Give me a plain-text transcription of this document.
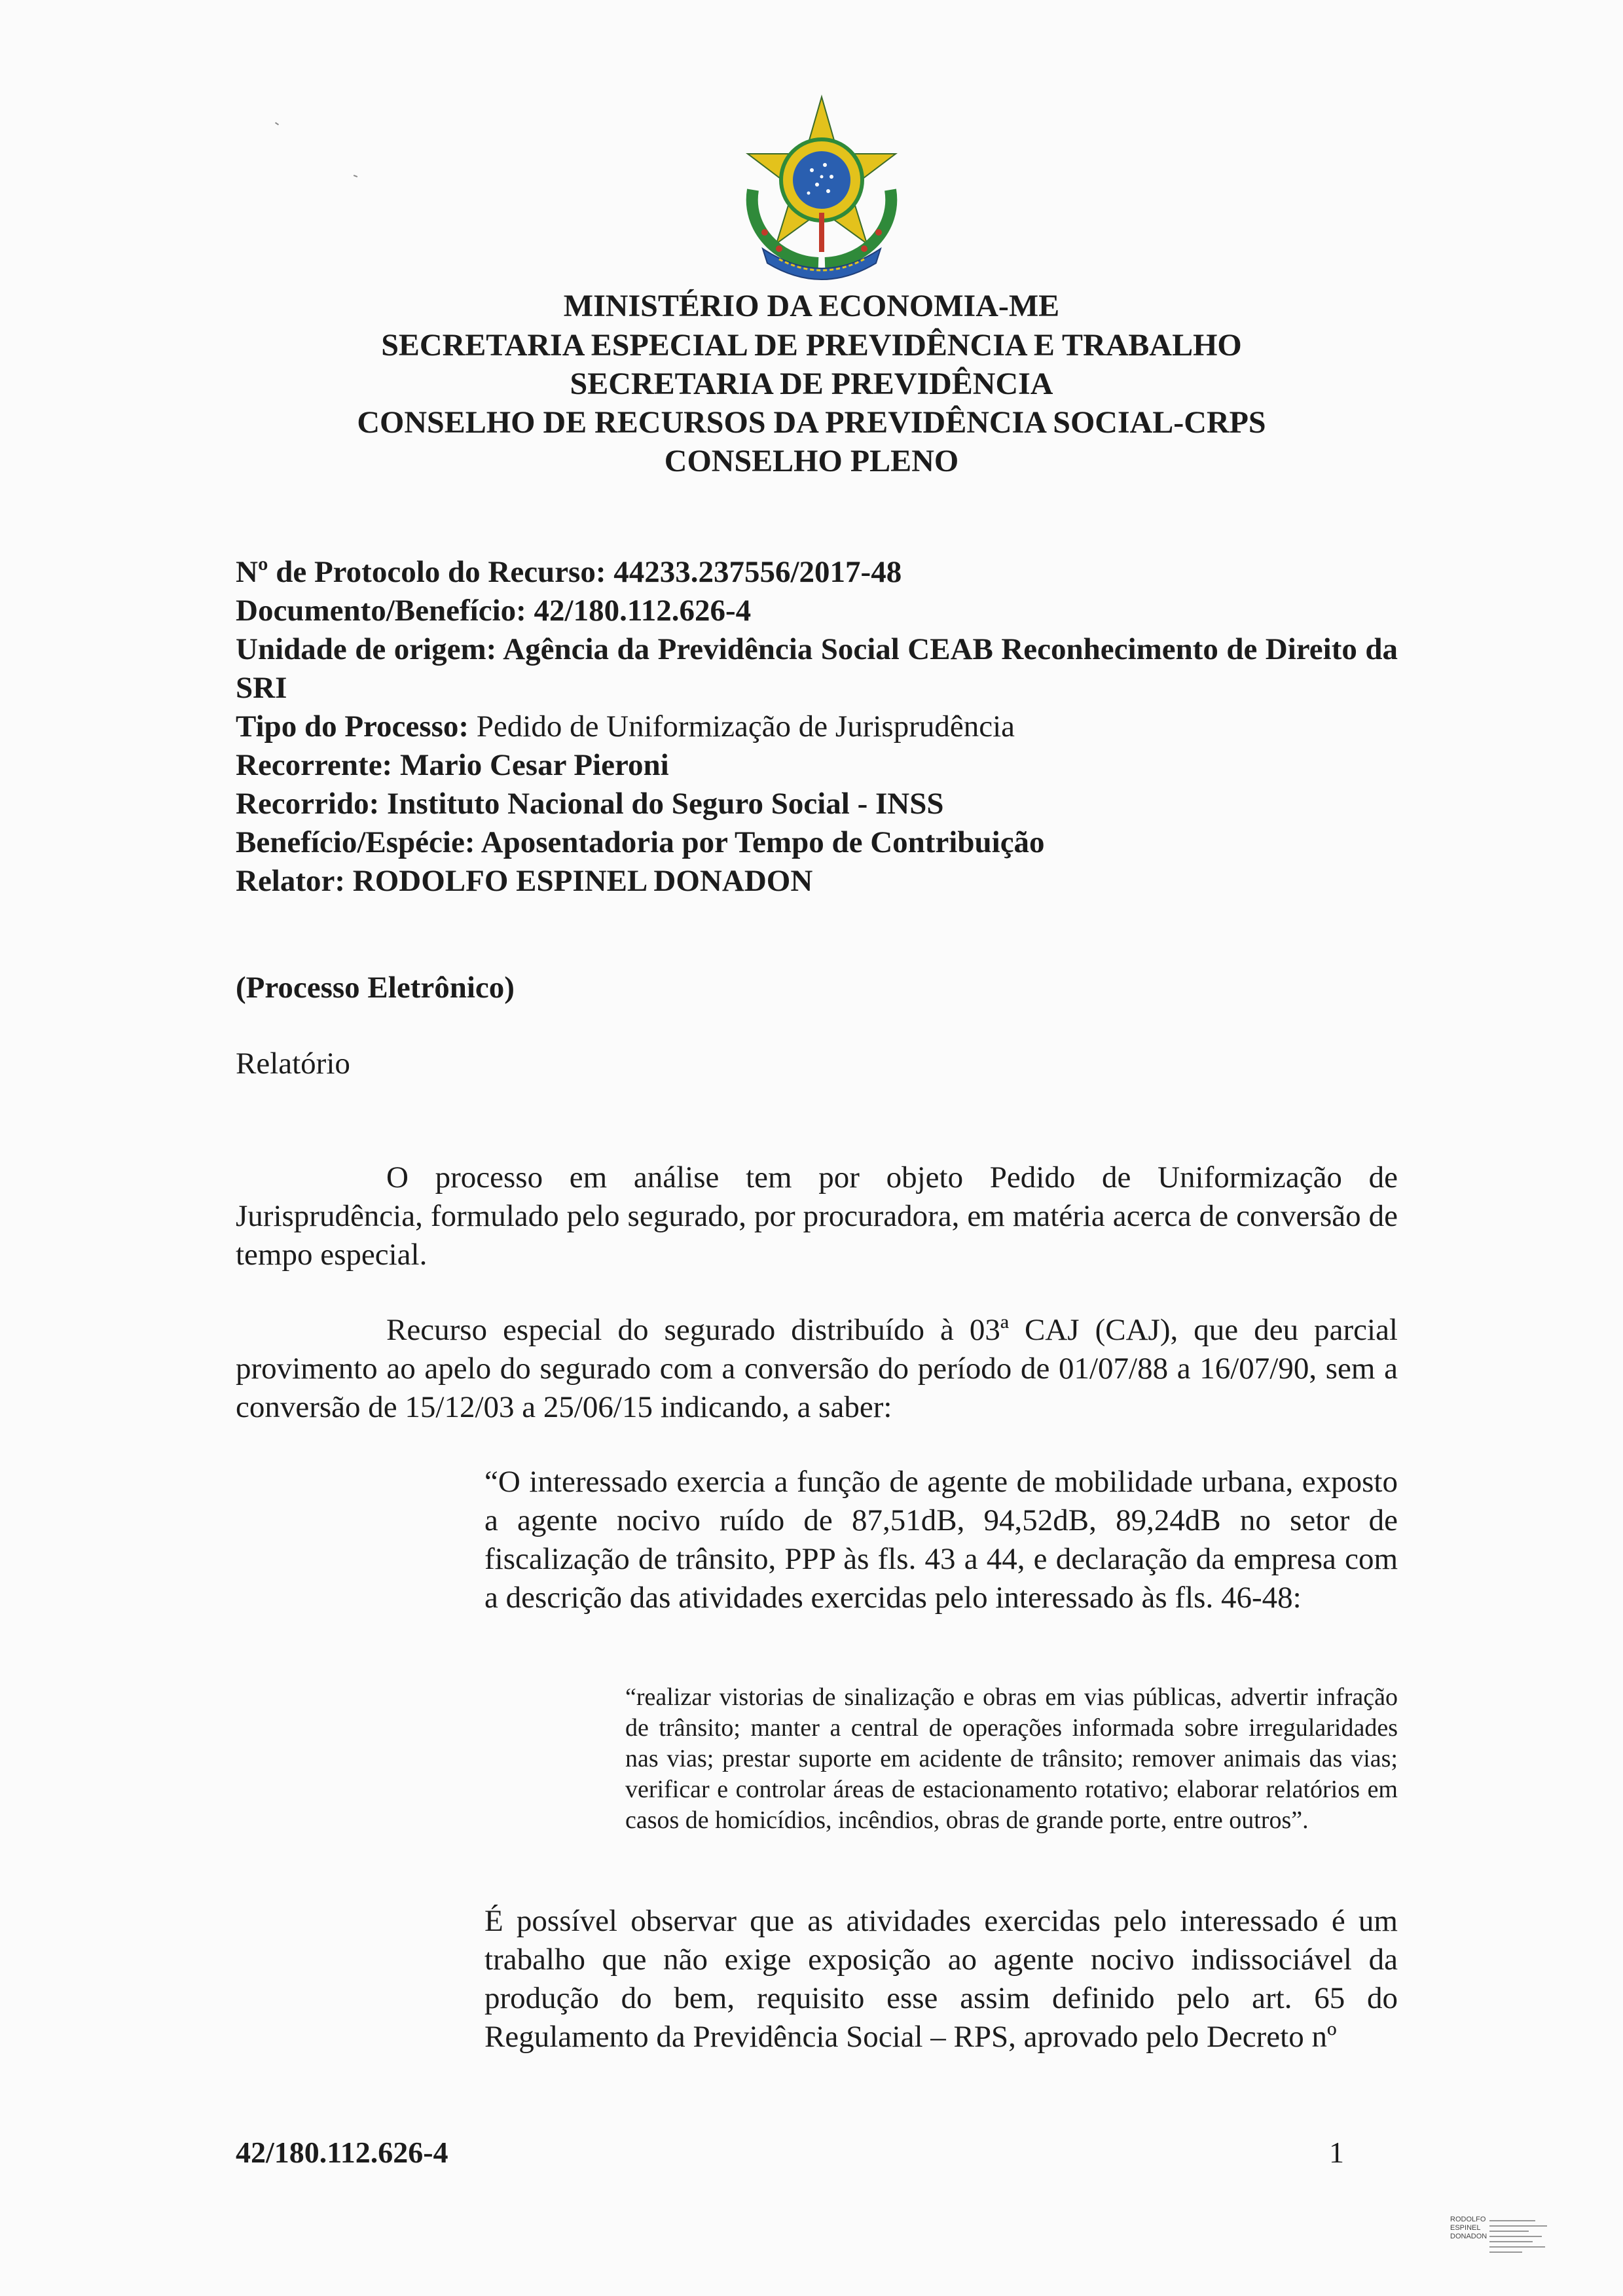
MINISTÉRIO DA ECONOMIA-ME
SECRETARIA ESPECIAL DE PREVIDÊNCIA E TRABALHO
SECRETARIA DE PREVIDÊNCIA
CONSELHO DE RECURSOS DA PREVIDÊNCIA SOCIAL-CRPS
CONSELHO PLENO
Nº de Protocolo do Recurso: 44233.237556/2017-48
Documento/Benefício: 42/180.112.626-4
Unidade de origem: Agência da Previdência Social CEAB Reconhecimento de Direito da SRI
Tipo do Processo: Pedido de Uniformização de Jurisprudência
Recorrente: Mario Cesar Pieroni
Recorrido: Instituto Nacional do Seguro Social - INSS
Benefício/Espécie: Aposentadoria por Tempo de Contribuição
Relator: RODOLFO ESPINEL DONADON
(Processo Eletrônico)
Relatório
O processo em análise tem por objeto Pedido de Uniformização de Jurisprudência, formulado pelo segurado, por procuradora, em matéria acerca de conversão de tempo especial.
Recurso especial do segurado distribuído à 03ª CAJ (CAJ), que deu parcial provimento ao apelo do segurado com a conversão do período de 01/07/88 a 16/07/90, sem a conversão de 15/12/03 a 25/06/15 indicando, a saber:
“O interessado exercia a função de agente de mobilidade urbana, exposto a agente nocivo ruído de 87,51dB, 94,52dB, 89,24dB no setor de fiscalização de trânsito, PPP às fls. 43 a 44, e declaração da empresa com a descrição das atividades exercidas pelo interessado às fls. 46-48:
“realizar vistorias de sinalização e obras em vias públicas, advertir infração de trânsito; manter a central de operações informada sobre irregularidades nas vias; prestar suporte em acidente de trânsito; remover animais das vias; verificar e controlar áreas de estacionamento rotativo; elaborar relatórios em casos de homicídios, incêndios, obras de grande porte, entre outros”.
É possível observar que as atividades exercidas pelo interessado é um trabalho que não exige exposição ao agente nocivo indissociável da produção do bem, requisito esse assim definido pelo art. 65 do Regulamento da Previdência Social – RPS, aprovado pelo Decreto nº
42/180.112.626-4	1
RODOLFO
ESPINEL
DONADON
